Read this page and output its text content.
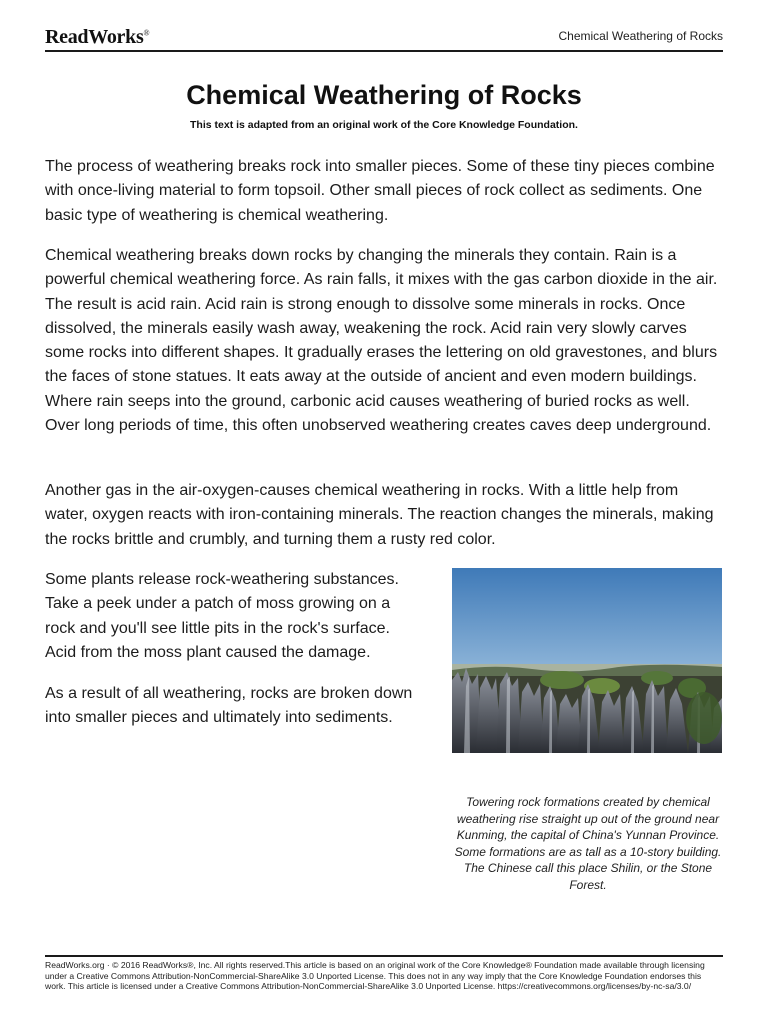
ReadWorks®	Chemical Weathering of Rocks
Chemical Weathering of Rocks
This text is adapted from an original work of the Core Knowledge Foundation.

The process of weathering breaks rock into smaller pieces. Some of these tiny pieces combine with once-living material to form topsoil. Other small pieces of rock collect as sediments. One basic type of weathering is chemical weathering.

Chemical weathering breaks down rocks by changing the minerals they contain. Rain is a powerful chemical weathering force. As rain falls, it mixes with the gas carbon dioxide in the air. The result is acid rain. Acid rain is strong enough to dissolve some minerals in rocks. Once dissolved, the minerals easily wash away, weakening the rock. Acid rain very slowly carves some rocks into different shapes. It gradually erases the lettering on old gravestones, and blurs the faces of stone statues. It eats away at the outside of ancient and even modern buildings. Where rain seeps into the ground, carbonic acid causes weathering of buried rocks as well. Over long periods of time, this often unobserved weathering creates caves deep underground.

Another gas in the air-oxygen-causes chemical weathering in rocks. With a little help from water, oxygen reacts with iron-containing minerals. The reaction changes the minerals, making the rocks brittle and crumbly, and turning them a rusty red color.

Some plants release rock-weathering substances. Take a peek under a patch of moss growing on a rock and you'll see little pits in the rock's surface. Acid from the moss plant caused the damage.

As a result of all weathering, rocks are broken down into smaller pieces and ultimately into sediments.

Towering rock formations created by chemical weathering rise straight up out of the ground near Kunming, the capital of China's Yunnan Province. Some formations are as tall as a 10-story building. The Chinese call this place Shilin, or the Stone Forest.
ReadWorks.org · © 2016 ReadWorks®, Inc. All rights reserved.This article is based on an original work of the Core Knowledge® Foundation made available through licensing under a Creative Commons Attribution-NonCommercial-ShareAlike 3.0 Unported License. This does not in any way imply that the Core Knowledge Foundation endorses this work. This article is licensed under a Creative Commons Attribution-NonCommercial-ShareAlike 3.0 Unported License. https://creativecommons.org/licenses/by-nc-sa/3.0/
